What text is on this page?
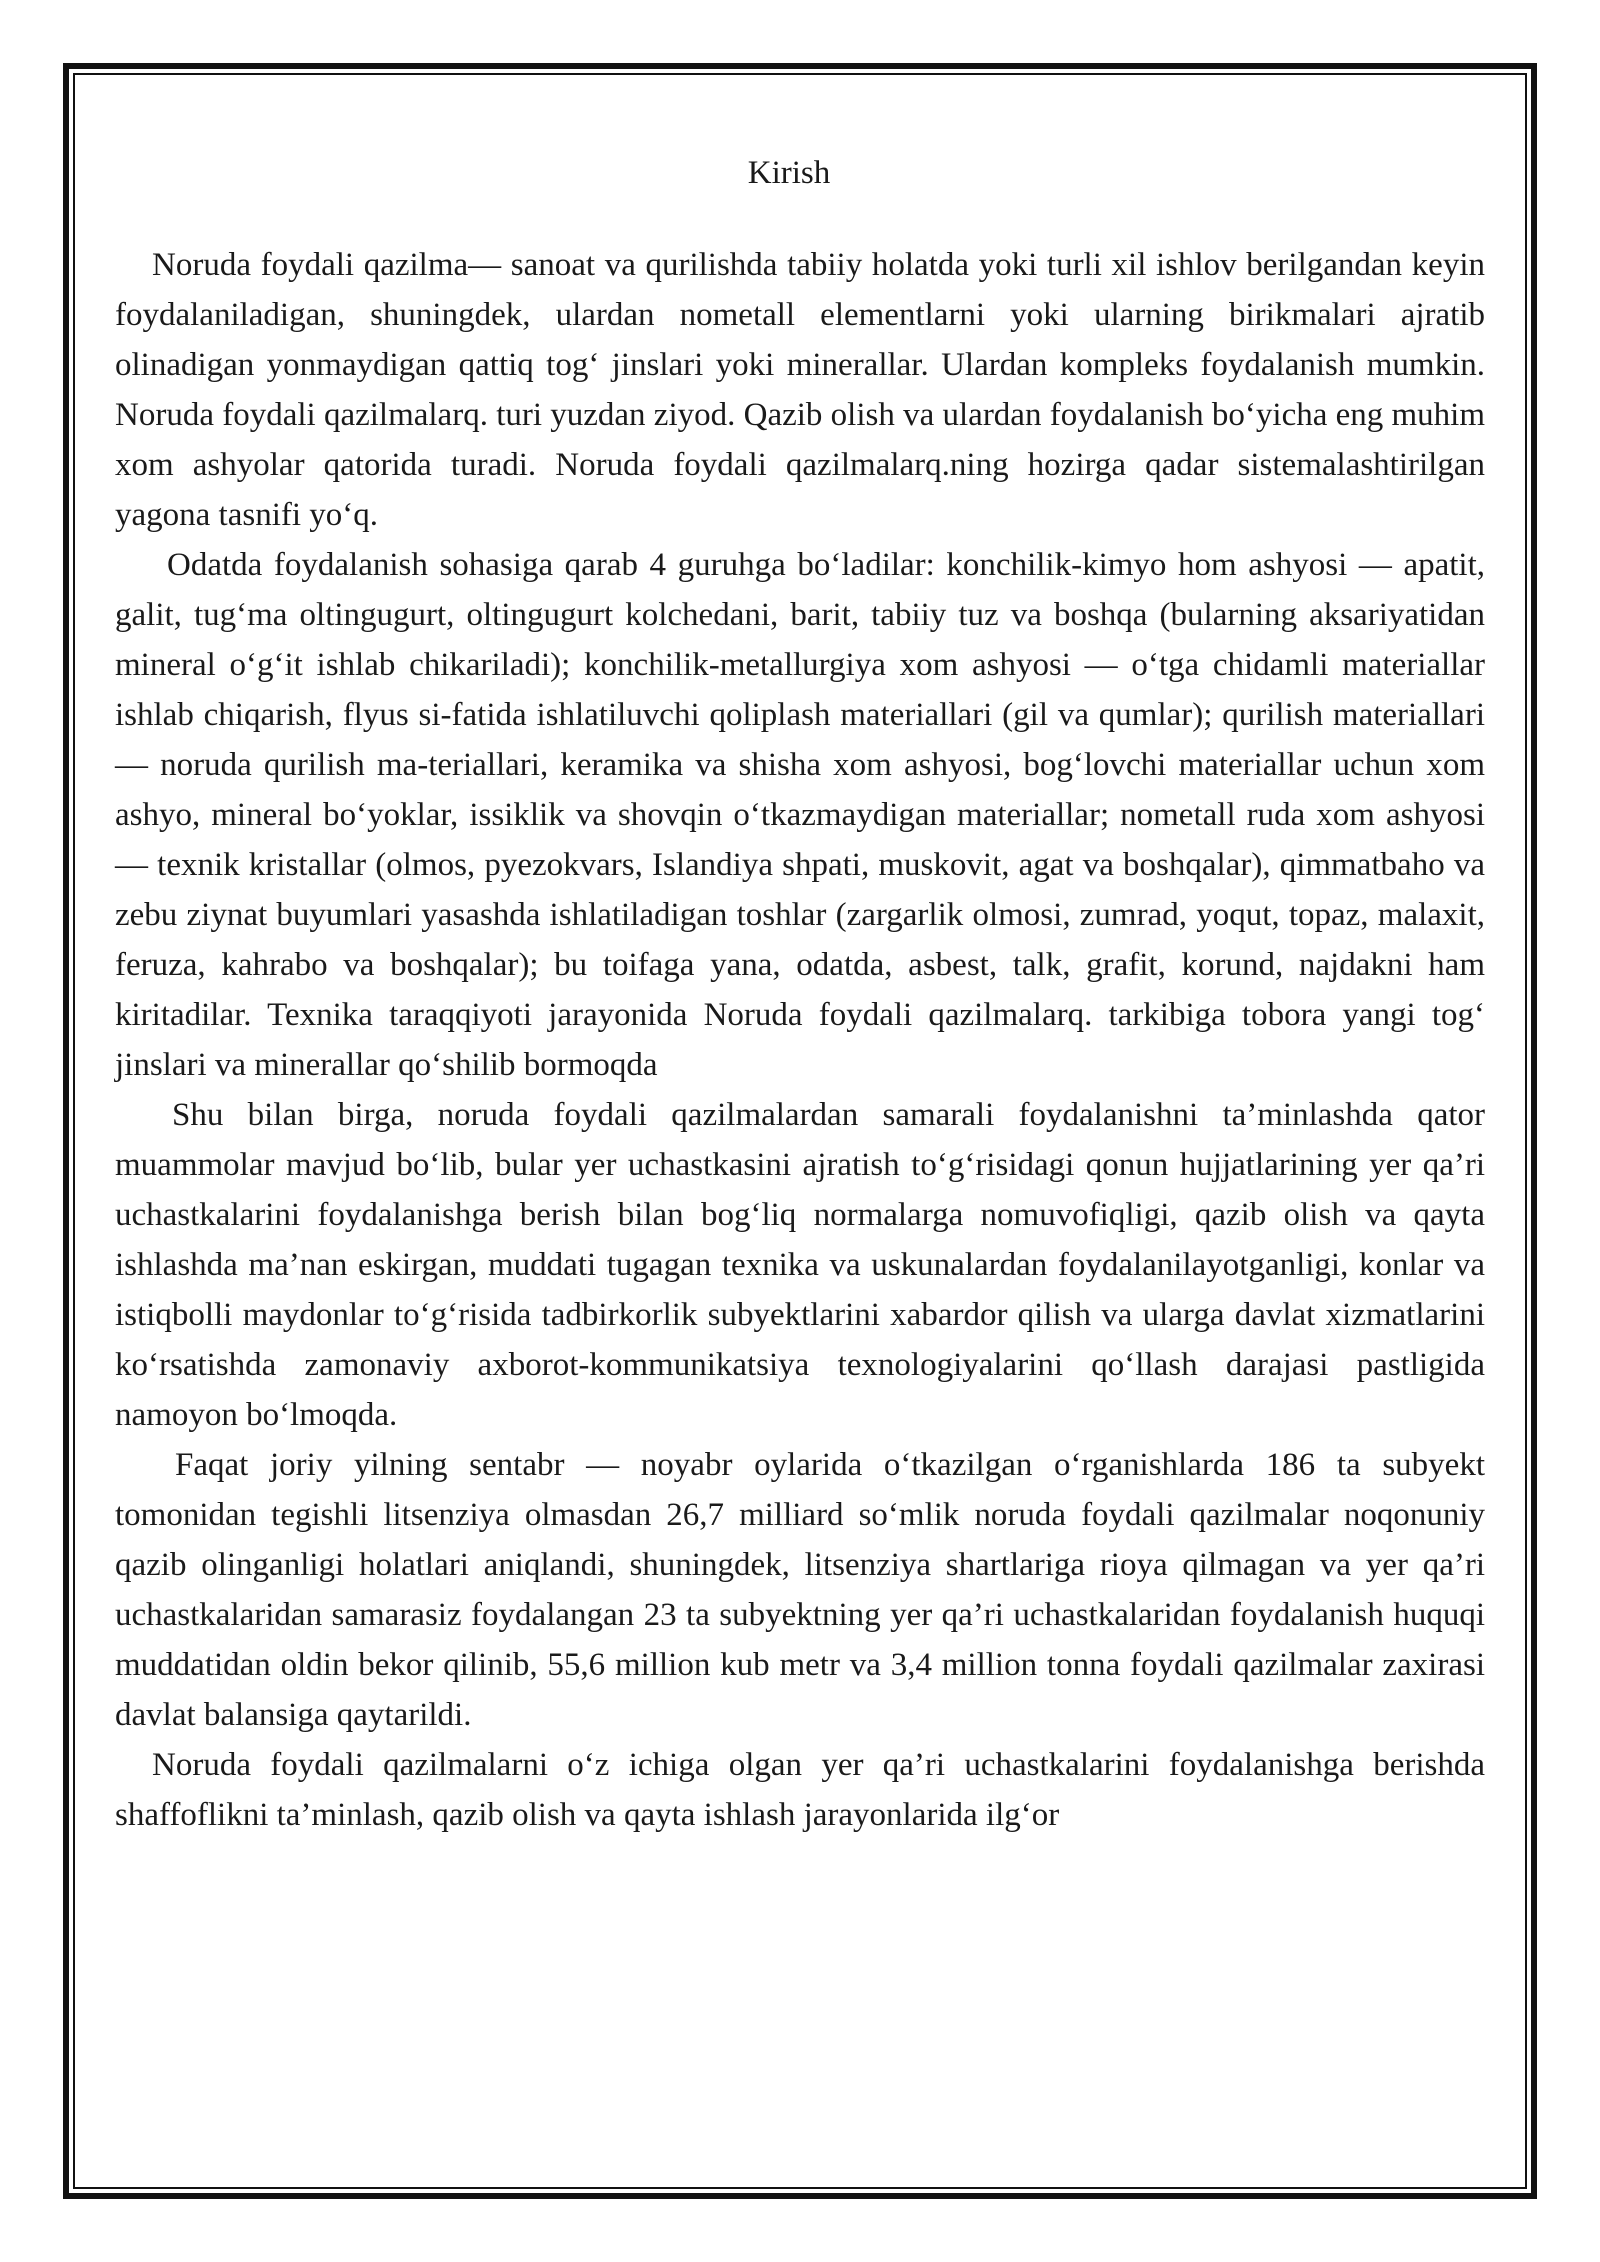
Kirish

Noruda foydali qazilma— sanoat va qurilishda tabiiy holatda yoki turli xil ishlov berilgandan keyin foydalaniladigan, shuningdek, ulardan nometall elementlarni yoki ularning birikmalari ajratib olinadigan yonmaydigan qattiq tog‘ jinslari yoki minerallar. Ulardan kompleks foydalanish mumkin. Noruda foydali qazilmalarq. turi yuzdan ziyod. Qazib olish va ulardan foydalanish bo‘yicha eng muhim xom ashyolar qatorida turadi. Noruda foydali qazilmalarq.ning hozirga qadar sistemalashtirilgan yagona tasnifi yo‘q.

Odatda foydalanish sohasiga qarab 4 guruhga bo‘ladilar: konchilik-kimyo hom ashyosi — apatit, galit, tug‘ma oltingugurt, oltingugurt kolchedani, barit, tabiiy tuz va boshqa (bularning aksariyatidan mineral o‘g‘it ishlab chikariladi); konchilik-metallurgiya xom ashyosi — o‘tga chidamli materiallar ishlab chiqarish, flyus si-fatida ishlatiluvchi qoliplash materiallari (gil va qumlar); qurilish materiallari — noruda qurilish ma-teriallari, keramika va shisha xom ashyosi, bog‘lovchi materiallar uchun xom ashyo, mineral bo‘yoklar, issiklik va shovqin o‘tkazmaydigan materiallar; nometall ruda xom ashyosi — texnik kristallar (olmos, pyezokvars, Islandiya shpati, muskovit, agat va boshqalar), qimmatbaho va zebu ziynat buyumlari yasashda ishlatiladigan toshlar (zargarlik olmosi, zumrad, yoqut, topaz, malaxit, feruza, kahrabo va boshqalar); bu toifaga yana, odatda, asbest, talk, grafit, korund, najdakni ham kiritadilar. Texnika taraqqiyoti jarayonida Noruda foydali qazilmalarq. tarkibiga tobora yangi tog‘ jinslari va minerallar qo‘shilib bormoqda

Shu bilan birga, noruda foydali qazilmalardan samarali foydalanishni ta’minlashda qator muammolar mavjud bo‘lib, bular yer uchastkasini ajratish to‘g‘risidagi qonun hujjatlarining yer qa’ri uchastkalarini foydalanishga berish bilan bog‘liq normalarga nomuvofiqligi, qazib olish va qayta ishlashda ma’nan eskirgan, muddati tugagan texnika va uskunalardan foydalanilayotganligi, konlar va istiqbolli maydonlar to‘g‘risida tadbirkorlik subyektlarini xabardor qilish va ularga davlat xizmatlarini ko‘rsatishda zamonaviy axborot-kommunikatsiya texnologiyalarini qo‘llash darajasi pastligida namoyon bo‘lmoqda.

Faqat joriy yilning sentabr — noyabr oylarida o‘tkazilgan o‘rganishlarda 186 ta subyekt tomonidan tegishli litsenziya olmasdan 26,7 milliard so‘mlik noruda foydali qazilmalar noqonuniy qazib olinganligi holatlari aniqlandi, shuningdek, litsenziya shartlariga rioya qilmagan va yer qa’ri uchastkalaridan samarasiz foydalangan 23 ta subyektning yer qa’ri uchastkalaridan foydalanish huquqi muddatidan oldin bekor qilinib, 55,6 million kub metr va 3,4 million tonna foydali qazilmalar zaxirasi davlat balansiga qaytarildi.

Noruda foydali qazilmalarni o‘z ichiga olgan yer qa’ri uchastkalarini foydalanishga berishda shaffoflikni ta’minlash, qazib olish va qayta ishlash jarayonlarida ilg‘or
